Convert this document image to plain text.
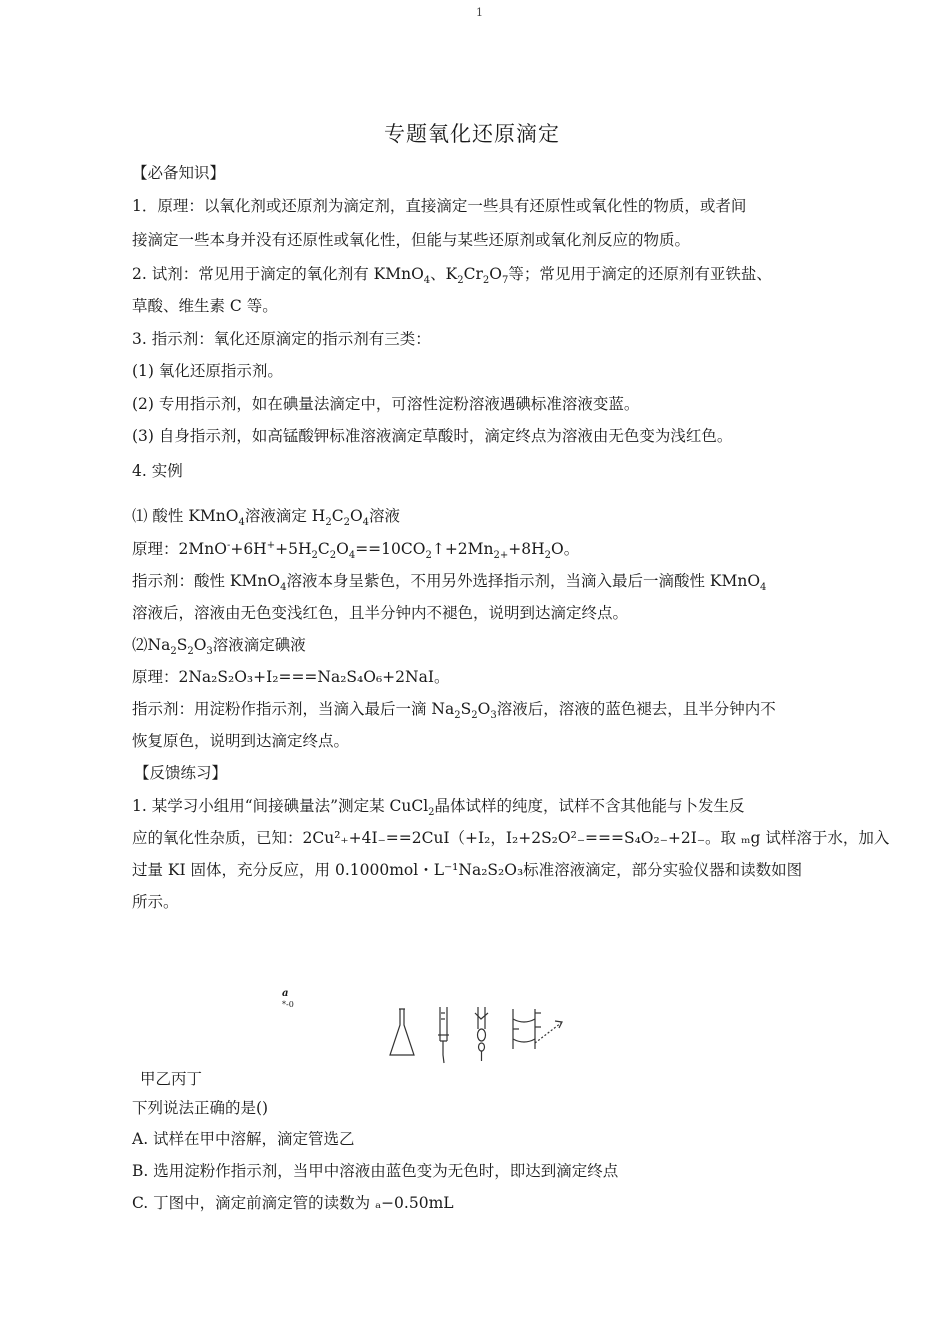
1
专题氧化还原滴定
【必备知识】
1．原理：以氧化剂或还原剂为滴定剂，直接滴定一些具有还原性或氧化性的物质，或者间
接滴定一些本身并没有还原性或氧化性，但能与某些还原剂或氧化剂反应的物质。
2. 试剂：常见用于滴定的氧化剂有 KMnO$_4$、$K_2Cr_2O_7$等；常见用于滴定的还原剂有亚铁盐、
草酸、维生素 C 等。
3. 指示剂：氧化还原滴定的指示剂有三类：
(1) 氧化还原指示剂。
(2) 专用指示剂，如在碘量法滴定中，可溶性淀粉溶液遇碘标准溶液变蓝。
(3) 自身指示剂，如高锰酸钾标准溶液滴定草酸时，滴定终点为溶液由无色变为浅红色。
4. 实例
⑴ 酸性 KMnO$_4$溶液滴定 $H_2C_2O_4$溶液
原理：$2MnO^-+6H^++5H_2C_2O_4==10CO_2↑+2Mn_{2+}+8H_2O$。
指示剂：酸性 KMnO$_4$溶液本身呈紫色，不用另外选择指示剂，当滴入最后一滴酸性 KMnO$_4$
溶液后，溶液由无色变浅红色，且半分钟内不褪色，说明到达滴定终点。
$⑵Na_2S_2O_3$溶液滴定碘液
原理：2Na₂S₂O₃+I₂===Na₂S₄O₆+2NaI。
指示剂：用淀粉作指示剂，当滴入最后一滴 $Na_2S_2O_3$溶液后，溶液的蓝色褪去，且半分钟内不
恢复原色，说明到达滴定终点。
【反馈练习】
1. 某学习小组用“间接碘量法”测定某 CuCl$_2$晶体试样的纯度，试样不含其他能与卜发生反
应的氧化性杂质，已知：2Cu²₊+4I₋==2CuI（+I₂，I₂+2S₂O²₋===S₄O₂₋+2I₋。取 ₘg 试样溶于水，加入
过量 KI 固体，充分反应，用 0.1000mol・L⁻¹Na₂S₂O₃标准溶液滴定，部分实验仪器和读数如图
所示。
a
*-0
甲乙丙丁
下列说法正确的是()
A. 试样在甲中溶解，滴定管选乙
B. 选用淀粉作指示剂，当甲中溶液由蓝色变为无色时，即达到滴定终点
C. 丁图中，滴定前滴定管的读数为 ₐ−0.50mL
